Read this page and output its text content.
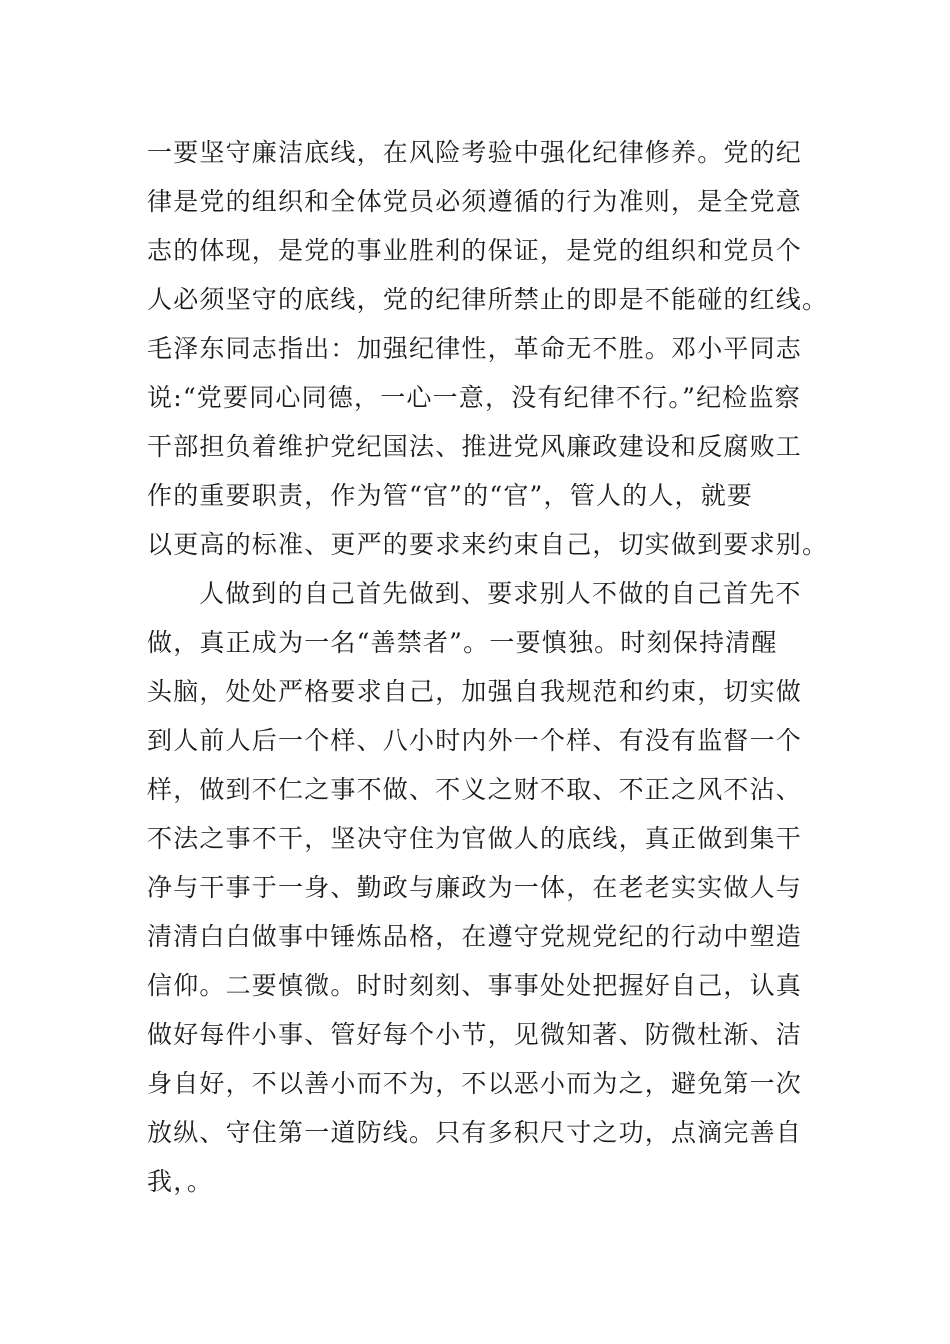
一要坚守廉洁底线，在风险考验中强化纪律修养。党的纪
律是党的组织和全体党员必须遵循的行为准则，是全党意
志的体现，是党的事业胜利的保证，是党的组织和党员个
人必须坚守的底线，党的纪律所禁止的即是不能碰的红线。
毛泽东同志指出：加强纪律性，革命无不胜。邓小平同志
说:“党要同心同德，一心一意，没有纪律不行。”纪检监察
干部担负着维护党纪国法、推进党风廉政建设和反腐败工
作的重要职责，作为管“官”的“官”，管人的人，就要
以更高的标准、更严的要求来约束自己，切实做到要求别。
人做到的自己首先做到、要求别人不做的自己首先不
做，真正成为一名“善禁者”。一要慎独。时刻保持清醒
头脑，处处严格要求自己，加强自我规范和约束，切实做
到人前人后一个样、八小时内外一个样、有没有监督一个
样，做到不仁之事不做、不义之财不取、不正之风不沾、
不法之事不干，坚决守住为官做人的底线，真正做到集干
净与干事于一身、勤政与廉政为一体，在老老实实做人与
清清白白做事中锤炼品格，在遵守党规党纪的行动中塑造
信仰。二要慎微。时时刻刻、事事处处把握好自己，认真
做好每件小事、管好每个小节，见微知著、防微杜渐、洁
身自好，不以善小而不为，不以恶小而为之，避免第一次
放纵、守住第一道防线。只有多积尺寸之功，点滴完善自
我，。
